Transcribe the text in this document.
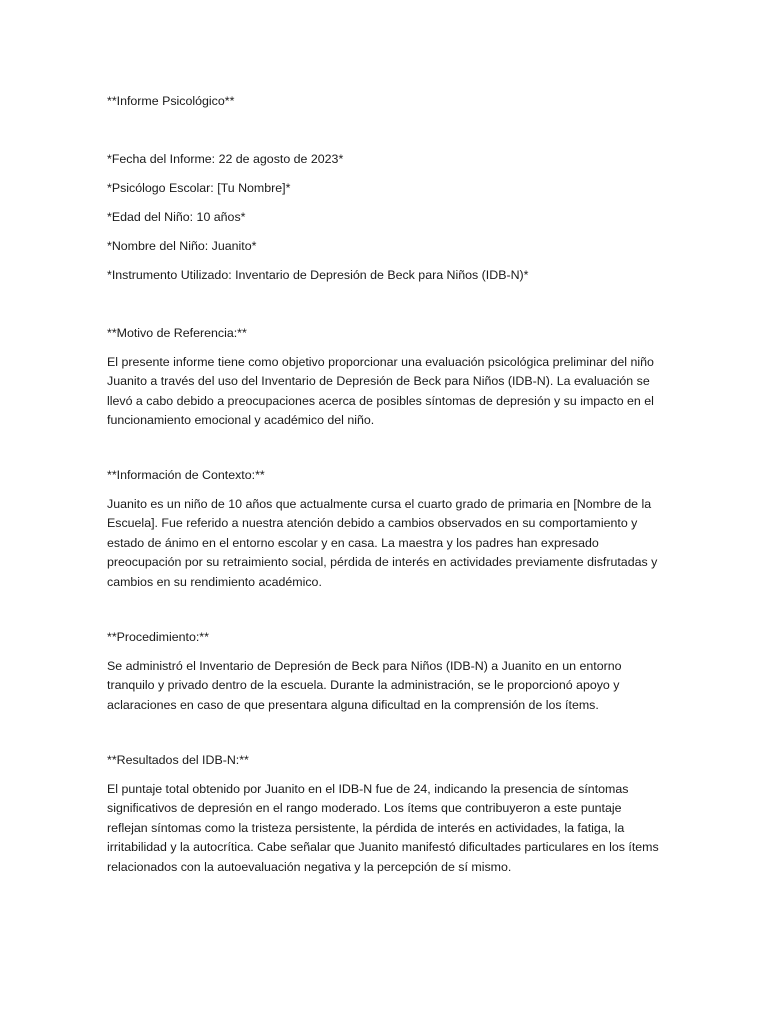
**Informe Psicológico**

*Fecha del Informe: 22 de agosto de 2023*

*Psicólogo Escolar: [Tu Nombre]*

*Edad del Niño: 10 años*

*Nombre del Niño: Juanito*

*Instrumento Utilizado: Inventario de Depresión de Beck para Niños (IDB-N)*

**Motivo de Referencia:**

El presente informe tiene como objetivo proporcionar una evaluación psicológica preliminar del niño Juanito a través del uso del Inventario de Depresión de Beck para Niños (IDB-N). La evaluación se llevó a cabo debido a preocupaciones acerca de posibles síntomas de depresión y su impacto en el funcionamiento emocional y académico del niño.

**Información de Contexto:**

Juanito es un niño de 10 años que actualmente cursa el cuarto grado de primaria en [Nombre de la Escuela]. Fue referido a nuestra atención debido a cambios observados en su comportamiento y estado de ánimo en el entorno escolar y en casa. La maestra y los padres han expresado preocupación por su retraimiento social, pérdida de interés en actividades previamente disfrutadas y cambios en su rendimiento académico.

**Procedimiento:**

Se administró el Inventario de Depresión de Beck para Niños (IDB-N) a Juanito en un entorno tranquilo y privado dentro de la escuela. Durante la administración, se le proporcionó apoyo y aclaraciones en caso de que presentara alguna dificultad en la comprensión de los ítems.

**Resultados del IDB-N:**

El puntaje total obtenido por Juanito en el IDB-N fue de 24, indicando la presencia de síntomas significativos de depresión en el rango moderado. Los ítems que contribuyeron a este puntaje reflejan síntomas como la tristeza persistente, la pérdida de interés en actividades, la fatiga, la irritabilidad y la autocrítica. Cabe señalar que Juanito manifestó dificultades particulares en los ítems relacionados con la autoevaluación negativa y la percepción de sí mismo.
